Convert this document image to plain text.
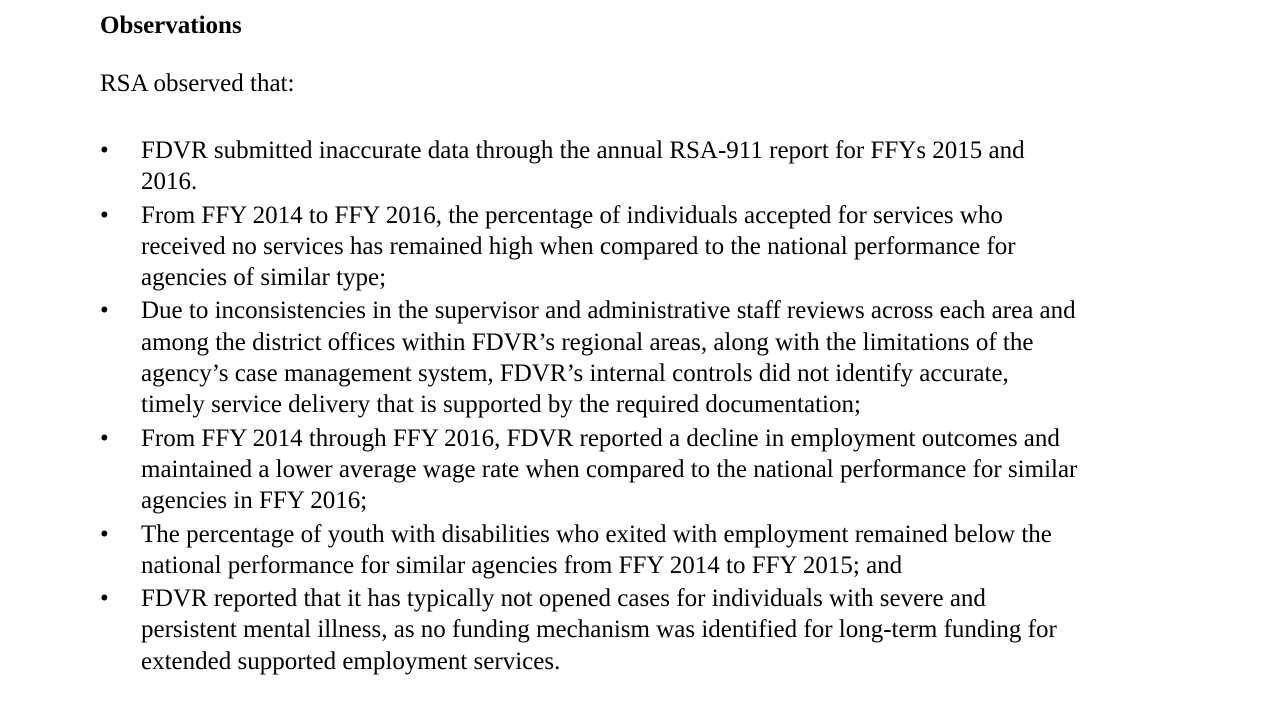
Observations

RSA observed that:

• FDVR submitted inaccurate data through the annual RSA-911 report for FFYs 2015 and
2016.
• From FFY 2014 to FFY 2016, the percentage of individuals accepted for services who
received no services has remained high when compared to the national performance for
agencies of similar type;
• Due to inconsistencies in the supervisor and administrative staff reviews across each area and
among the district offices within FDVR’s regional areas, along with the limitations of the
agency’s case management system, FDVR’s internal controls did not identify accurate,
timely service delivery that is supported by the required documentation;
• From FFY 2014 through FFY 2016, FDVR reported a decline in employment outcomes and
maintained a lower average wage rate when compared to the national performance for similar
agencies in FFY 2016;
• The percentage of youth with disabilities who exited with employment remained below the
national performance for similar agencies from FFY 2014 to FFY 2015; and
• FDVR reported that it has typically not opened cases for individuals with severe and
persistent mental illness, as no funding mechanism was identified for long-term funding for
extended supported employment services.
